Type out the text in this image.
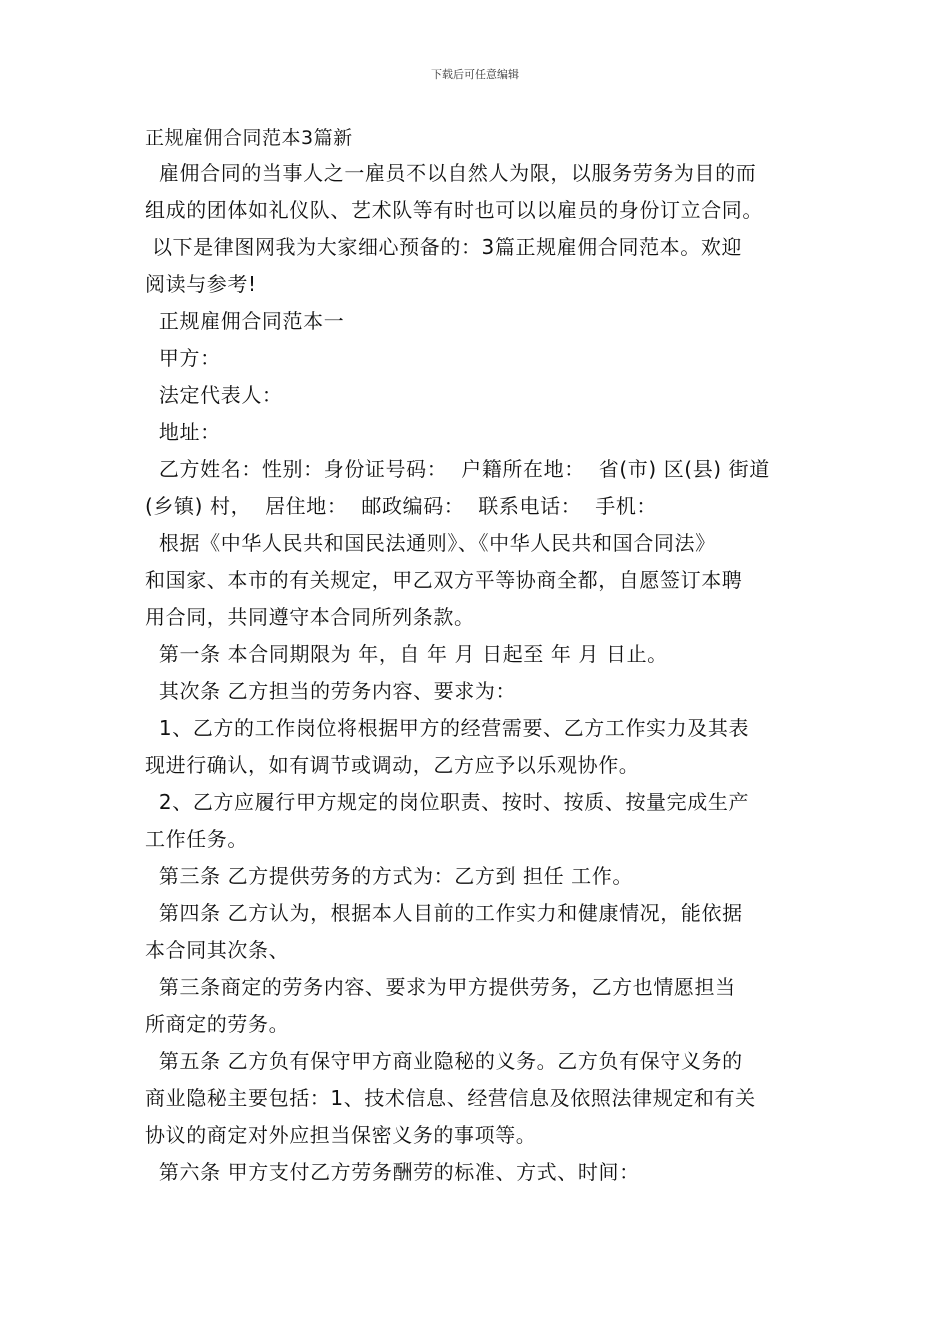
下载后可任意编辑
正规雇佣合同范本3篇新
雇佣合同的当事人之一雇员不以自然人为限，以服务劳务为目的而
组成的团体如礼仪队、艺术队等有时也可以以雇员的身份订立合同。
以下是律图网我为大家细心预备的：3篇正规雇佣合同范本。欢迎
阅读与参考!
正规雇佣合同范本一
甲方：
法定代表人：
地址：
乙方姓名：性别：身份证号码：  户籍所在地：  省(市) 区(县) 街道
(乡镇) 村，  居住地：  邮政编码：  联系电话：  手机：
根据《中华人民共和国民法通则》、《中华人民共和国合同法》
和国家、本市的有关规定，甲乙双方平等协商全都，自愿签订本聘
用合同，共同遵守本合同所列条款。
第一条 本合同期限为 年，自 年 月 日起至 年 月 日止。
其次条 乙方担当的劳务内容、要求为：
1、乙方的工作岗位将根据甲方的经营需要、乙方工作实力及其表
现进行确认，如有调节或调动，乙方应予以乐观协作。
2、乙方应履行甲方规定的岗位职责、按时、按质、按量完成生产
工作任务。
第三条 乙方提供劳务的方式为：乙方到 担任 工作。
第四条 乙方认为，根据本人目前的工作实力和健康情况，能依据
本合同其次条、
第三条商定的劳务内容、要求为甲方提供劳务，乙方也情愿担当
所商定的劳务。
第五条 乙方负有保守甲方商业隐秘的义务。乙方负有保守义务的
商业隐秘主要包括：1、技术信息、经营信息及依照法律规定和有关
协议的商定对外应担当保密义务的事项等。
第六条 甲方支付乙方劳务酬劳的标准、方式、时间：
